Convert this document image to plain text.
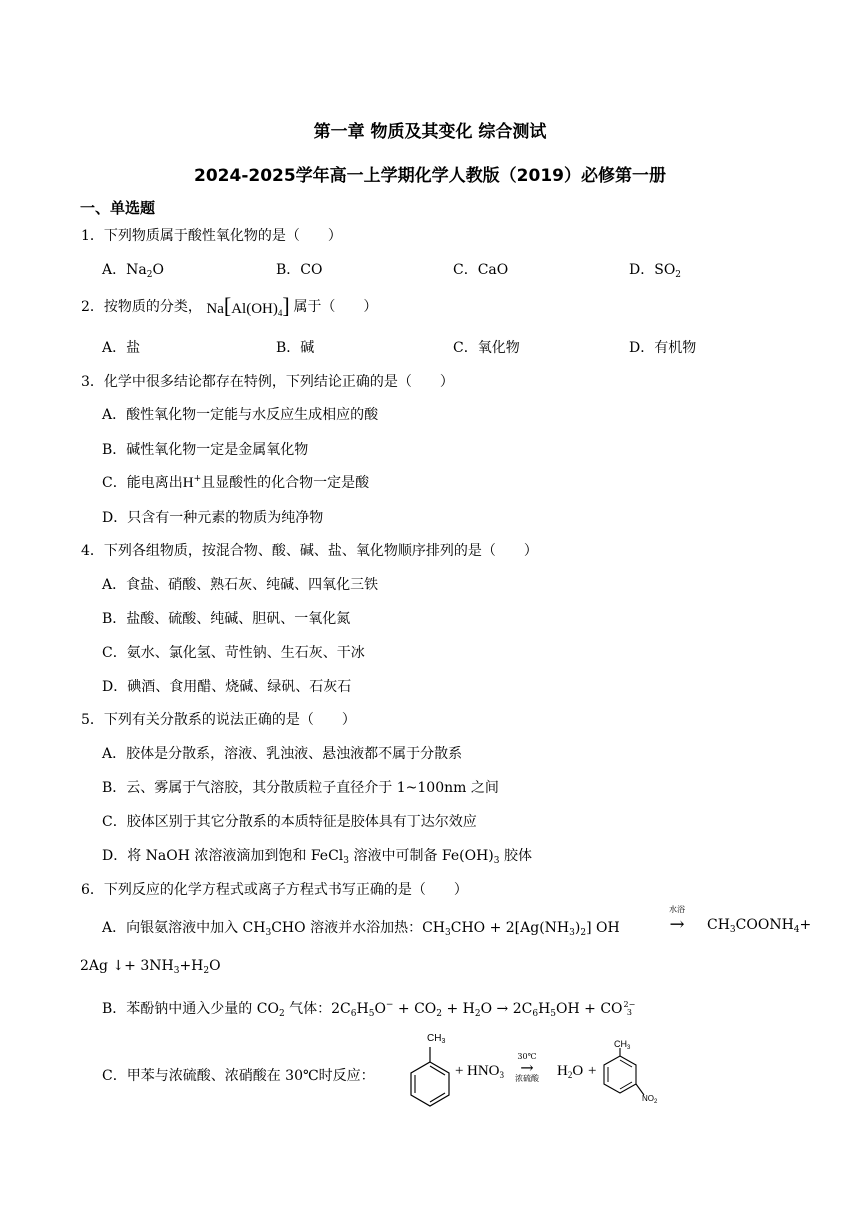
第一章 物质及其变化 综合测试
2024-2025学年高一上学期化学人教版（2019）必修第一册
一、单选题
1．下列物质属于酸性氧化物的是（　　）
A．$Na_2O$	B．CO	C．CaO	D．$SO_2$
2．按物质的分类， $Na[Al(OH)_4]$ 属于（　　）
A．盐	B．碱	C．氧化物	D．有机物
3．化学中很多结论都存在特例，下列结论正确的是（　　）
A．酸性氧化物一定能与水反应生成相应的酸
B．碱性氧化物一定是金属氧化物
C．能电离出H+且显酸性的化合物一定是酸
D．只含有一种元素的物质为纯净物
4．下列各组物质，按混合物、酸、碱、盐、氧化物顺序排列的是（　　）
A．食盐、硝酸、熟石灰、纯碱、四氧化三铁
B．盐酸、硫酸、纯碱、胆矾、一氧化氮
C．氨水、氯化氢、苛性钠、生石灰、干冰
D．碘酒、食用醋、烧碱、绿矾、石灰石
5．下列有关分散系的说法正确的是（　　）
A．胶体是分散系，溶液、乳浊液、悬浊液都不属于分散系
B．云、雾属于气溶胶，其分散质粒子直径介于 1~100nm 之间
C．胶体区别于其它分散系的本质特征是胶体具有丁达尔效应
D．将 NaOH 浓溶液滴加到饱和 FeCl$_3$ 溶液中可制备 $Fe(OH)_3$ 胶体
6．下列反应的化学方程式或离子方程式书写正确的是（　　）
A．向银氨溶液中加入 $CH_3CHO$ 溶液并水浴加热：$CH_3CHO + 2[Ag(NH_3)_2]$ OH
水浴
→ $CH_3COONH_4+$
2Ag ↓+ $3NH_3+H_2O$
B．苯酚钠中通入少量的 $CO_2$ 气体：$2C_6H_5O^- + CO_2 + H_2O \to 2C_6H_5OH$ + CO 2−
3
C．甲苯与浓硫酸、浓硝酸在 30℃时反应：
$CH_3$
+ $HNO_3$
30℃
→
浓硫酸	$H_2O$ +
$CH_3$
$NO_2$
